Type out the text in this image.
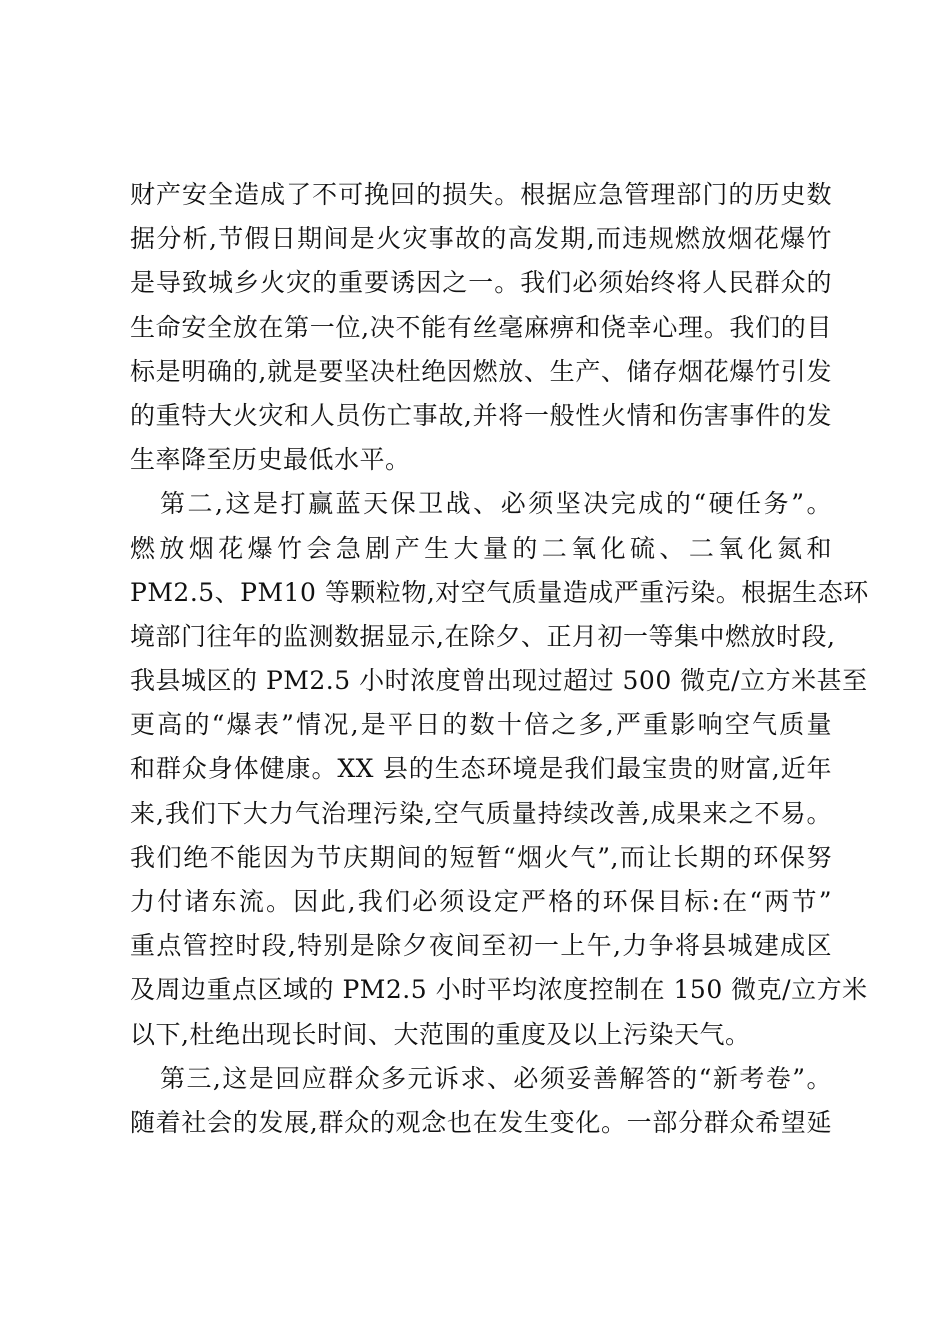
财产安全造成了不可挽回的损失。根据应急管理部门的历史数
据分析,节假日期间是火灾事故的高发期,而违规燃放烟花爆竹
是导致城乡火灾的重要诱因之一。我们必须始终将人民群众的
生命安全放在第一位,决不能有丝毫麻痹和侥幸心理。我们的目
标是明确的,就是要坚决杜绝因燃放、生产、储存烟花爆竹引发
的重特大火灾和人员伤亡事故,并将一般性火情和伤害事件的发
生率降至历史最低水平。
第二,这是打赢蓝天保卫战、必须坚决完成的“硬任务”。
燃放烟花爆竹会急剧产生大量的二氧化硫、二氧化氮和
PM2.5、PM10 等颗粒物,对空气质量造成严重污染。根据生态环
境部门往年的监测数据显示,在除夕、正月初一等集中燃放时段,
我县城区的 PM2.5 小时浓度曾出现过超过 500 微克/立方米甚至
更高的“爆表”情况,是平日的数十倍之多,严重影响空气质量
和群众身体健康。XX 县的生态环境是我们最宝贵的财富,近年
来,我们下大力气治理污染,空气质量持续改善,成果来之不易。
我们绝不能因为节庆期间的短暂“烟火气”,而让长期的环保努
力付诸东流。因此,我们必须设定严格的环保目标:在“两节”
重点管控时段,特别是除夕夜间至初一上午,力争将县城建成区
及周边重点区域的 PM2.5 小时平均浓度控制在 150 微克/立方米
以下,杜绝出现长时间、大范围的重度及以上污染天气。
第三,这是回应群众多元诉求、必须妥善解答的“新考卷”。
随着社会的发展,群众的观念也在发生变化。一部分群众希望延
